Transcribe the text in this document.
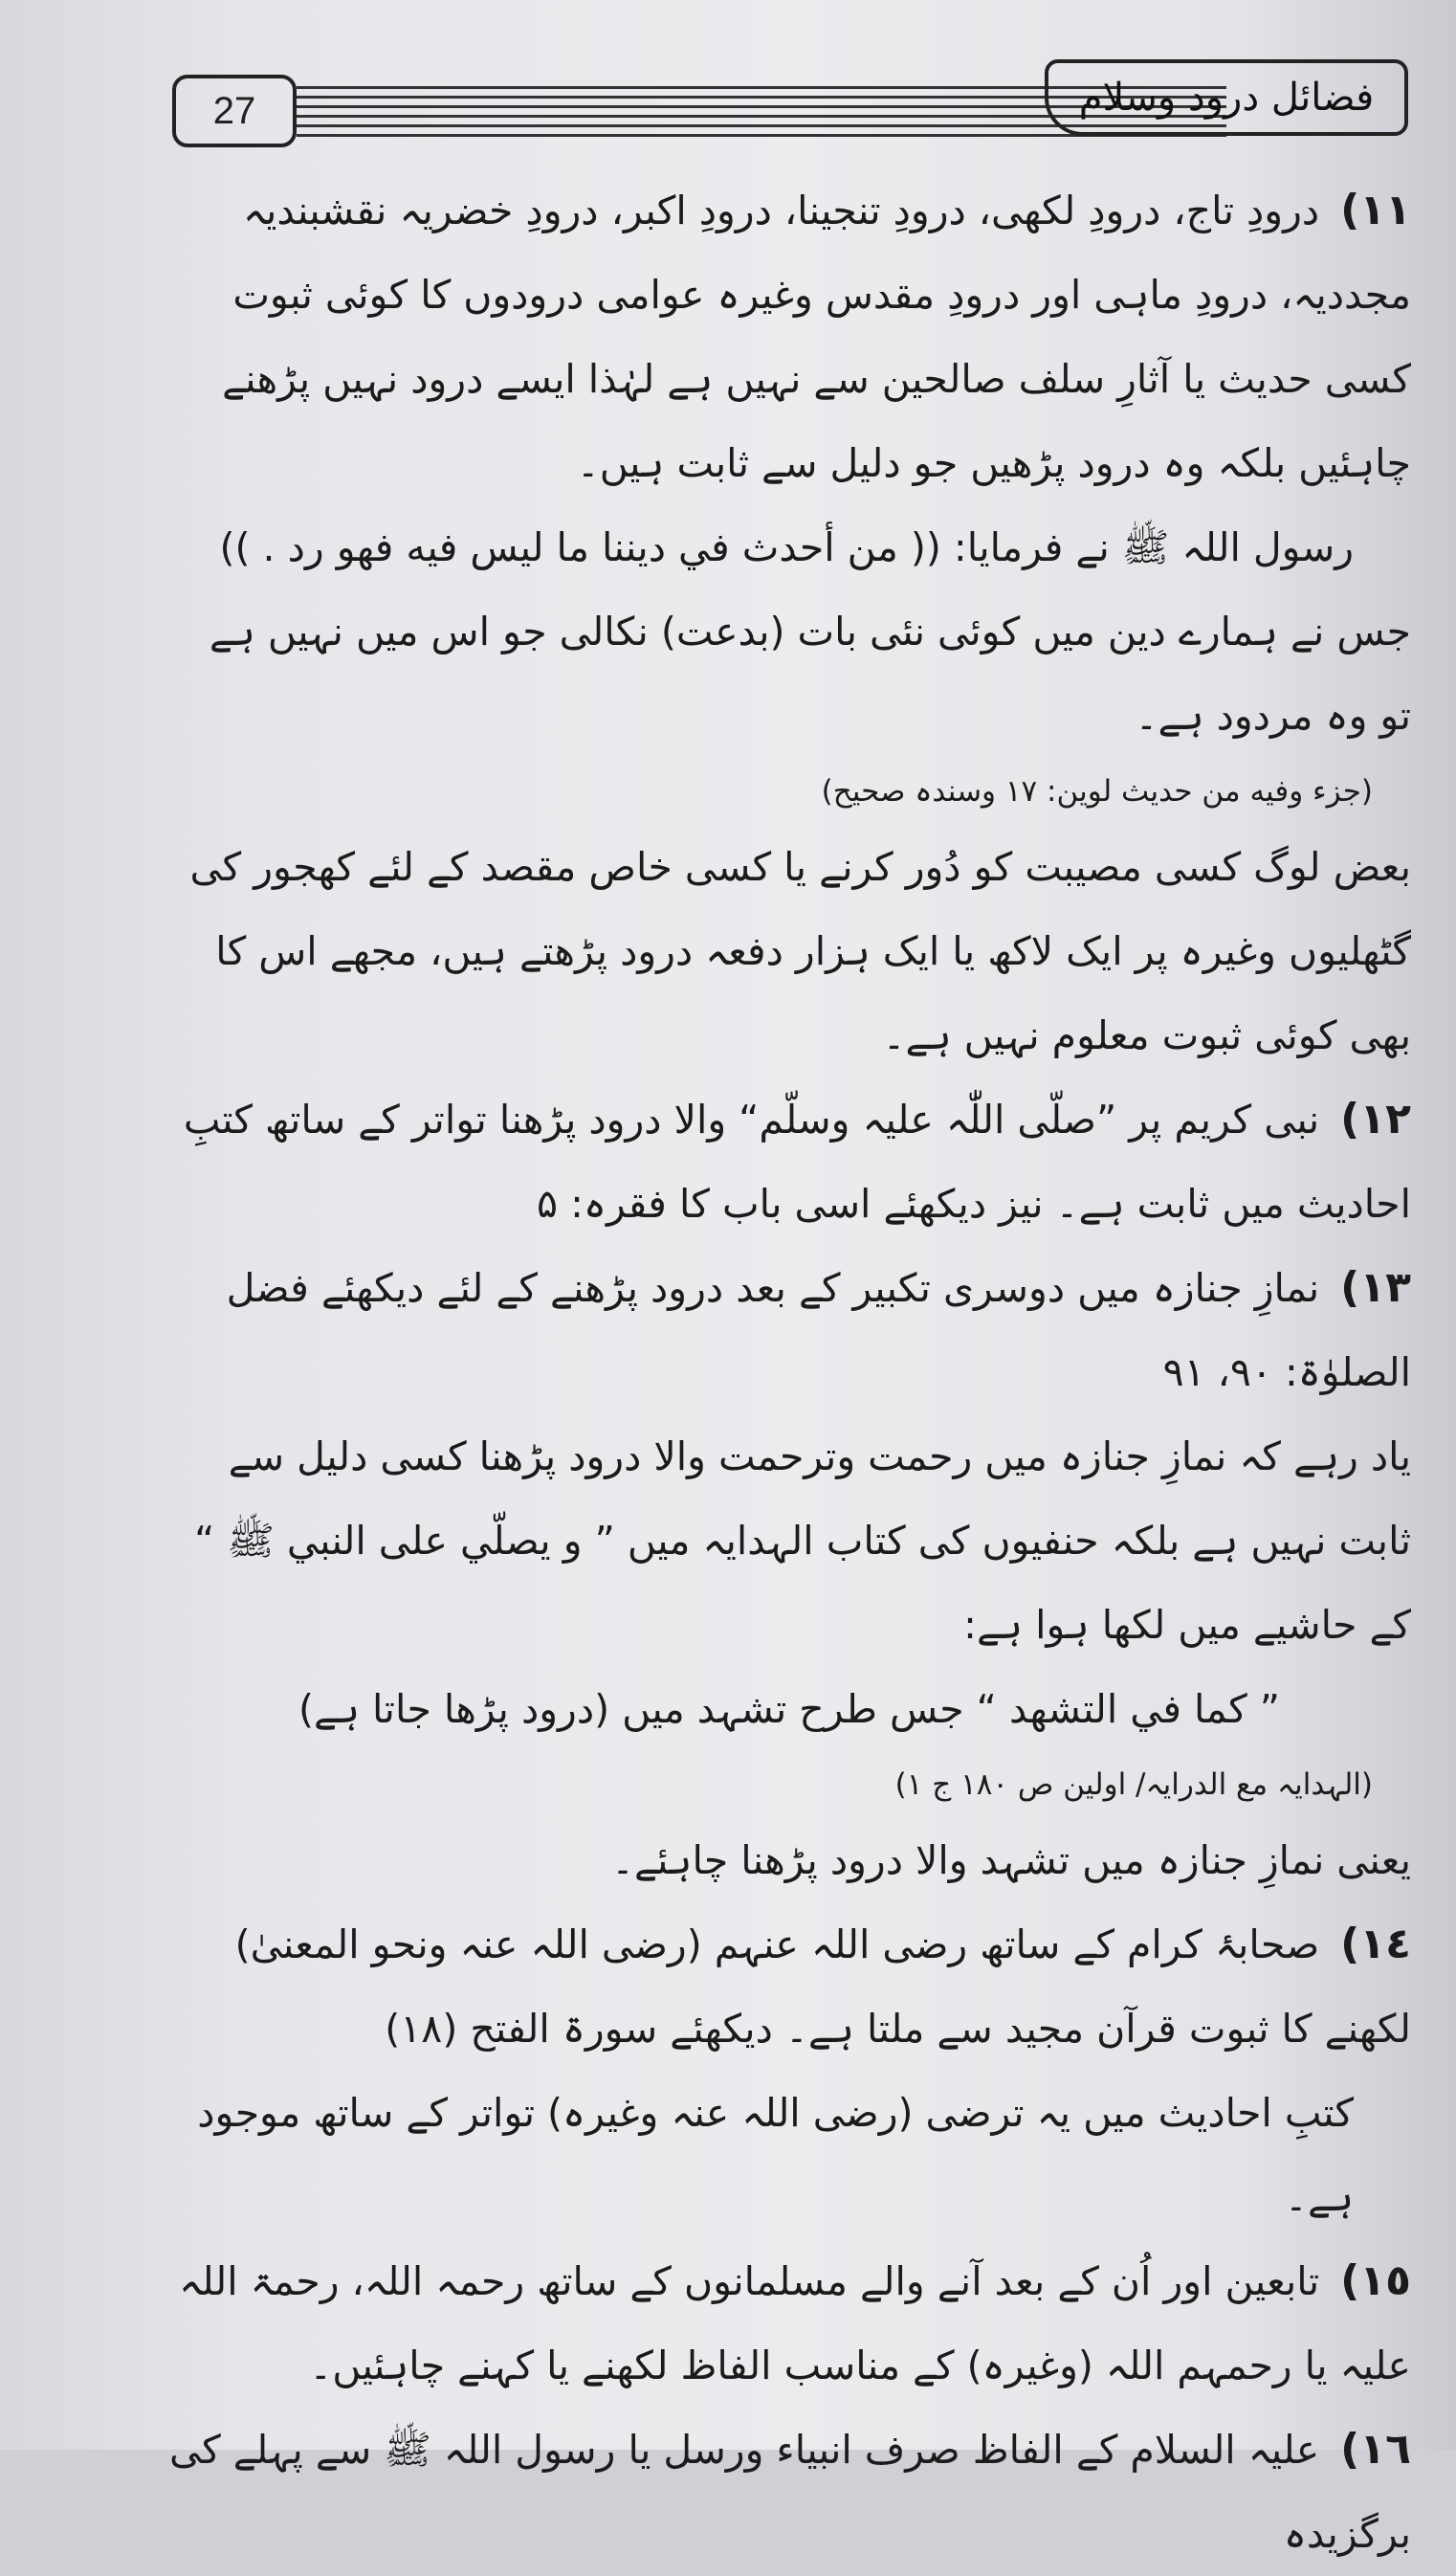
27	فضائل درود وسلام

١١)درودِ تاج، درودِ لکھی، درودِ تنجینا، درودِ اکبر، درودِ خضریہ نقشبندیہ مجددیہ، درودِ ماہی اور درودِ مقدس وغیرہ عوامی درودوں کا کوئی ثبوت کسی حدیث یا آثارِ سلف صالحین سے نہیں ہے لہٰذا ایسے درود نہیں پڑھنے چاہئیں بلکہ وہ درود پڑھیں جو دلیل سے ثابت ہیں۔

رسول اللہ ﷺ نے فرمایا: (( من أحدث في ديننا ما ليس فيه فهو رد . ))

جس نے ہمارے دین میں کوئی نئی بات (بدعت) نکالی جو اس میں نہیں ہے تو وہ مردود ہے۔

(جزء وفيه من حديث لوين: ۱۷ وسندہ صحیح)

بعض لوگ کسی مصیبت کو دُور کرنے یا کسی خاص مقصد کے لئے کھجور کی گٹھلیوں وغیرہ پر ایک لاکھ یا ایک ہزار دفعہ درود پڑھتے ہیں، مجھے اس کا بھی کوئی ثبوت معلوم نہیں ہے۔

١٢)نبی کریم پر ”صلّی اللّٰہ علیہ وسلّم“ والا درود پڑھنا تواتر کے ساتھ کتبِ احادیث میں ثابت ہے۔ نیز دیکھئے اسی باب کا فقرہ: ۵

١٣)نمازِ جنازہ میں دوسری تکبیر کے بعد درود پڑھنے کے لئے دیکھئے فضل الصلوٰۃ: ۹۰، ۹۱

یاد رہے کہ نمازِ جنازہ میں رحمت وترحمت والا درود پڑھنا کسی دلیل سے ثابت نہیں ہے بلکہ حنفیوں کی کتاب الہدایہ میں ” و يصلّي على النبي ﷺ “ کے حاشیے میں لکھا ہوا ہے:

” كما في التشهد “ جس طرح تشہد میں (درود پڑھا جاتا ہے)

(الہدایہ مع الدرایہ/ اولین ص ۱۸۰ ج ۱)

یعنی نمازِ جنازہ میں تشہد والا درود پڑھنا چاہئے۔

١٤)صحابۂ کرام کے ساتھ رضی اللہ عنہم (رضی اللہ عنہ ونحو المعنیٰ) لکھنے کا ثبوت قرآن مجید سے ملتا ہے۔ دیکھئے سورۃ الفتح (۱۸)

کتبِ احادیث میں یہ ترضی (رضی اللہ عنہ وغیرہ) تواتر کے ساتھ موجود ہے۔

١٥)تابعین اور اُن کے بعد آنے والے مسلمانوں کے ساتھ رحمہ اللہ، رحمۃ اللہ علیہ یا رحمہم اللہ (وغیرہ) کے مناسب الفاظ لکھنے یا کہنے چاہئیں۔

١٦)علیہ السلام کے الفاظ صرف انبیاء ورسل یا رسول اللہ ﷺ سے پہلے کی برگزیدہ
